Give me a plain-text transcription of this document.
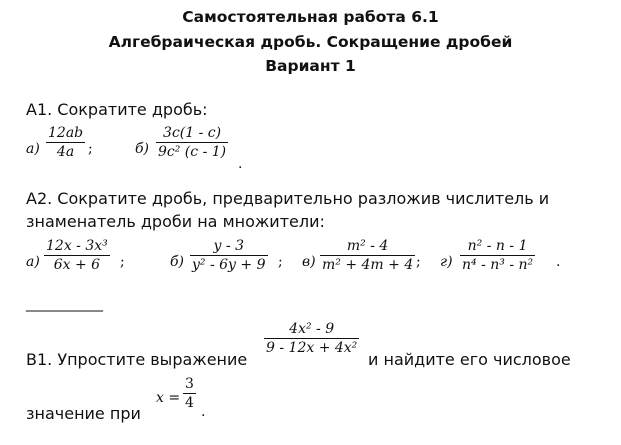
Самостоятельная работа 6.1
Алгебраическая дробь. Сокращение дробей
Вариант 1
А1. Сократите дробь:
$а) \frac{12ab}{4a}$ ;	$б) \frac{3c(1 - c)}{\text{9c² (c - 1)}}$
.
А2. Сократите дробь, предварительно разложив числитель и
знаменатель дроби на множители:
$а) \frac{\text{12x - 3x³}}{6x + 6}$ ;	$б) \frac{y - 3}{\text{y² - 6y + 9}}$ ; $в) \frac{\text{m² - 4}}{\text{m² + 4m + 4}}$ ; $г) \frac{\text{n² - n - 1}}{\text{n⁴ - n³ - n²}}$ .
___________
В1. Упростите выражение
$\frac{\text{4x² - 9}}{\text{9 - 12x + 4x²}}$
и найдите его числовое
значение при
$x = \frac{3}{4}$
.
